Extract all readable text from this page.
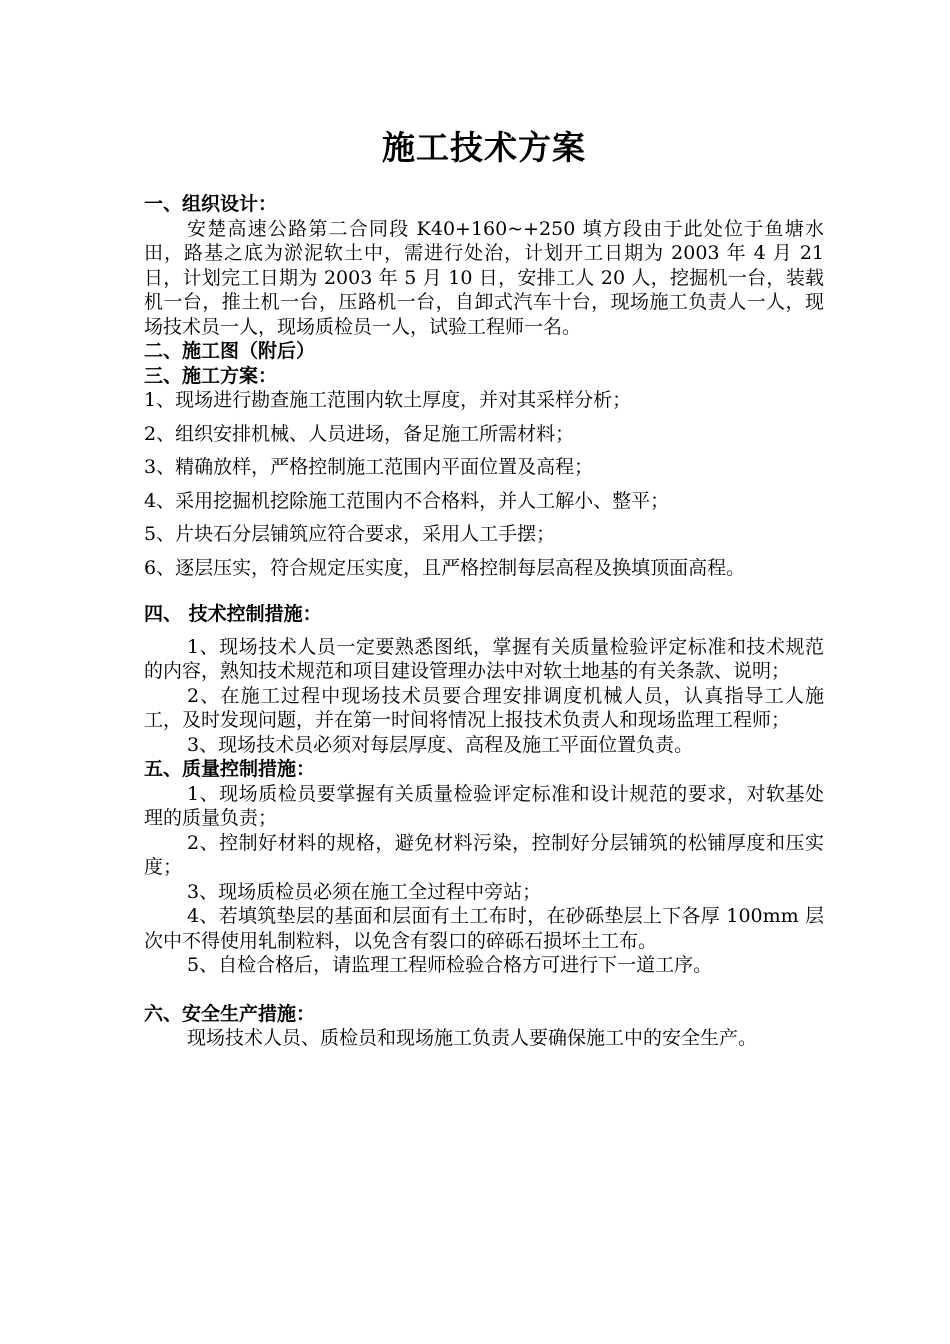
施工技术方案

一、组织设计：

安楚高速公路第二合同段 K40+160~+250 填方段由于此处位于鱼塘水田，路基之底为淤泥软土中，需进行处治，计划开工日期为 2003 年 4 月 21 日，计划完工日期为 2003 年 5 月 10 日，安排工人 20 人，挖掘机一台，装载机一台，推土机一台，压路机一台，自卸式汽车十台，现场施工负责人一人，现场技术员一人，现场质检员一人，试验工程师一名。

二、施工图（附后）

三、施工方案：

1、现场进行勘查施工范围内软土厚度，并对其采样分析；

2、组织安排机械、人员进场，备足施工所需材料；

3、精确放样，严格控制施工范围内平面位置及高程；

4、采用挖掘机挖除施工范围内不合格料，并人工解小、整平；

5、片块石分层铺筑应符合要求，采用人工手摆；

6、逐层压实，符合规定压实度，且严格控制每层高程及换填顶面高程。

四、 技术控制措施：

1、现场技术人员一定要熟悉图纸，掌握有关质量检验评定标准和技术规范的内容，熟知技术规范和项目建设管理办法中对软土地基的有关条款、说明；

2、在施工过程中现场技术员要合理安排调度机械人员，认真指导工人施工，及时发现问题，并在第一时间将情况上报技术负责人和现场监理工程师；

3、现场技术员必须对每层厚度、高程及施工平面位置负责。

五、质量控制措施：

1、现场质检员要掌握有关质量检验评定标准和设计规范的要求，对软基处理的质量负责；

2、控制好材料的规格，避免材料污染，控制好分层铺筑的松铺厚度和压实度；

3、现场质检员必须在施工全过程中旁站；

4、若填筑垫层的基面和层面有土工布时，在砂砾垫层上下各厚 100mm 层次中不得使用轧制粒料，以免含有裂口的碎砾石损坏土工布。

5、自检合格后，请监理工程师检验合格方可进行下一道工序。

六、安全生产措施：

现场技术人员、质检员和现场施工负责人要确保施工中的安全生产。
